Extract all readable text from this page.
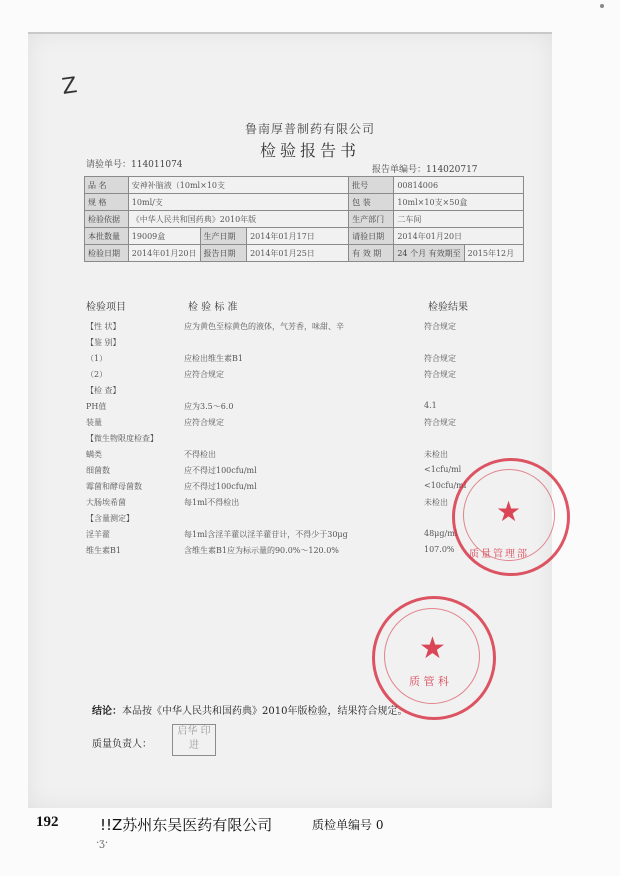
Z
鲁南厚普制药有限公司
检验报告书
请验单号：114011074	报告单编号：114020717
品 名	安神补脑液（10ml×10支			批号	00814006	
规 格	10ml/支			包 装	10ml×10支×50盒	
检验依据	《中华人民共和国药典》2010年版			生产部门	二车间	
本批数量	19009盒	生产日期	2014年01月17日	请验日期	2014年01月20日	
检验日期	2014年01月20日	报告日期	2014年01月25日	有 效 期	24 个月 有效期至	2015年12月
检验项目	检 验 标 准	检验结果
【性 状】	应为黄色至棕黄色的液体，气芳香，味甜、辛	符合规定
【鉴 别】
（1）	应检出维生素B1	符合规定
（2）	应符合规定	符合规定
【检 查】
PH值	应为3.5～6.0	4.1
装量	应符合规定	符合规定
【微生物限度检查】
螨类	不得检出	未检出
细菌数	应不得过100cfu/ml	<1cfu/ml
霉菌和酵母菌数	应不得过100cfu/ml	<10cfu/ml
大肠埃希菌	每1ml不得检出	未检出
【含量测定】
淫羊藿	每1ml含淫羊藿以淫羊藿苷计，不得少于30μg	48μg/ml
维生素B1	含维生素B1应为标示量的90.0%～120.0%	107.0%
★
质量管理部
★
质 管 科
结论：本品按《中华人民共和国药典》2010年版检验，结果符合规定。
质量负责人：
启华 印进
192	!!Z苏州东吴医药有限公司	质检单编号 0
·ʒ·
